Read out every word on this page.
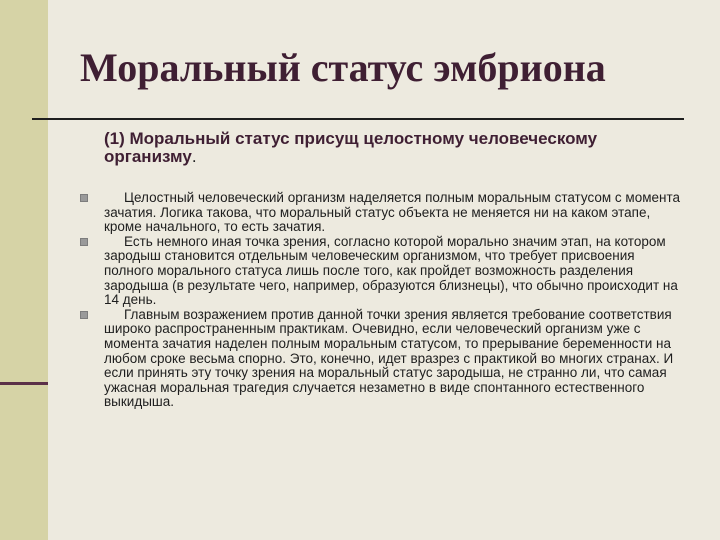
Моральный статус эмбриона

(1) Моральный статус присущ целостному человеческому организму.

Целостный человеческий организм наделяется полным моральным статусом с момента зачатия. Логика такова, что моральный статус объекта не меняется ни на каком этапе, кроме начального, то есть зачатия.
Есть немного иная точка зрения, согласно которой морально значим этап, на котором зародыш становится отдельным человеческим организмом, что требует присвоения полного морального статуса лишь после того, как пройдет возможность разделения зародыша (в результате чего, например, образуются близнецы), что обычно происходит на 14 день.
Главным возражением против данной точки зрения является требование соответствия широко распространенным практикам. Очевидно, если человеческий организм уже с момента зачатия наделен полным моральным статусом, то прерывание беременности на любом сроке весьма спорно. Это, конечно, идет вразрез с практикой во многих странах. И если принять эту точку зрения на моральный статус зародыша, не странно ли, что самая ужасная моральная трагедия случается незаметно в виде спонтанного естественного выкидыша.
